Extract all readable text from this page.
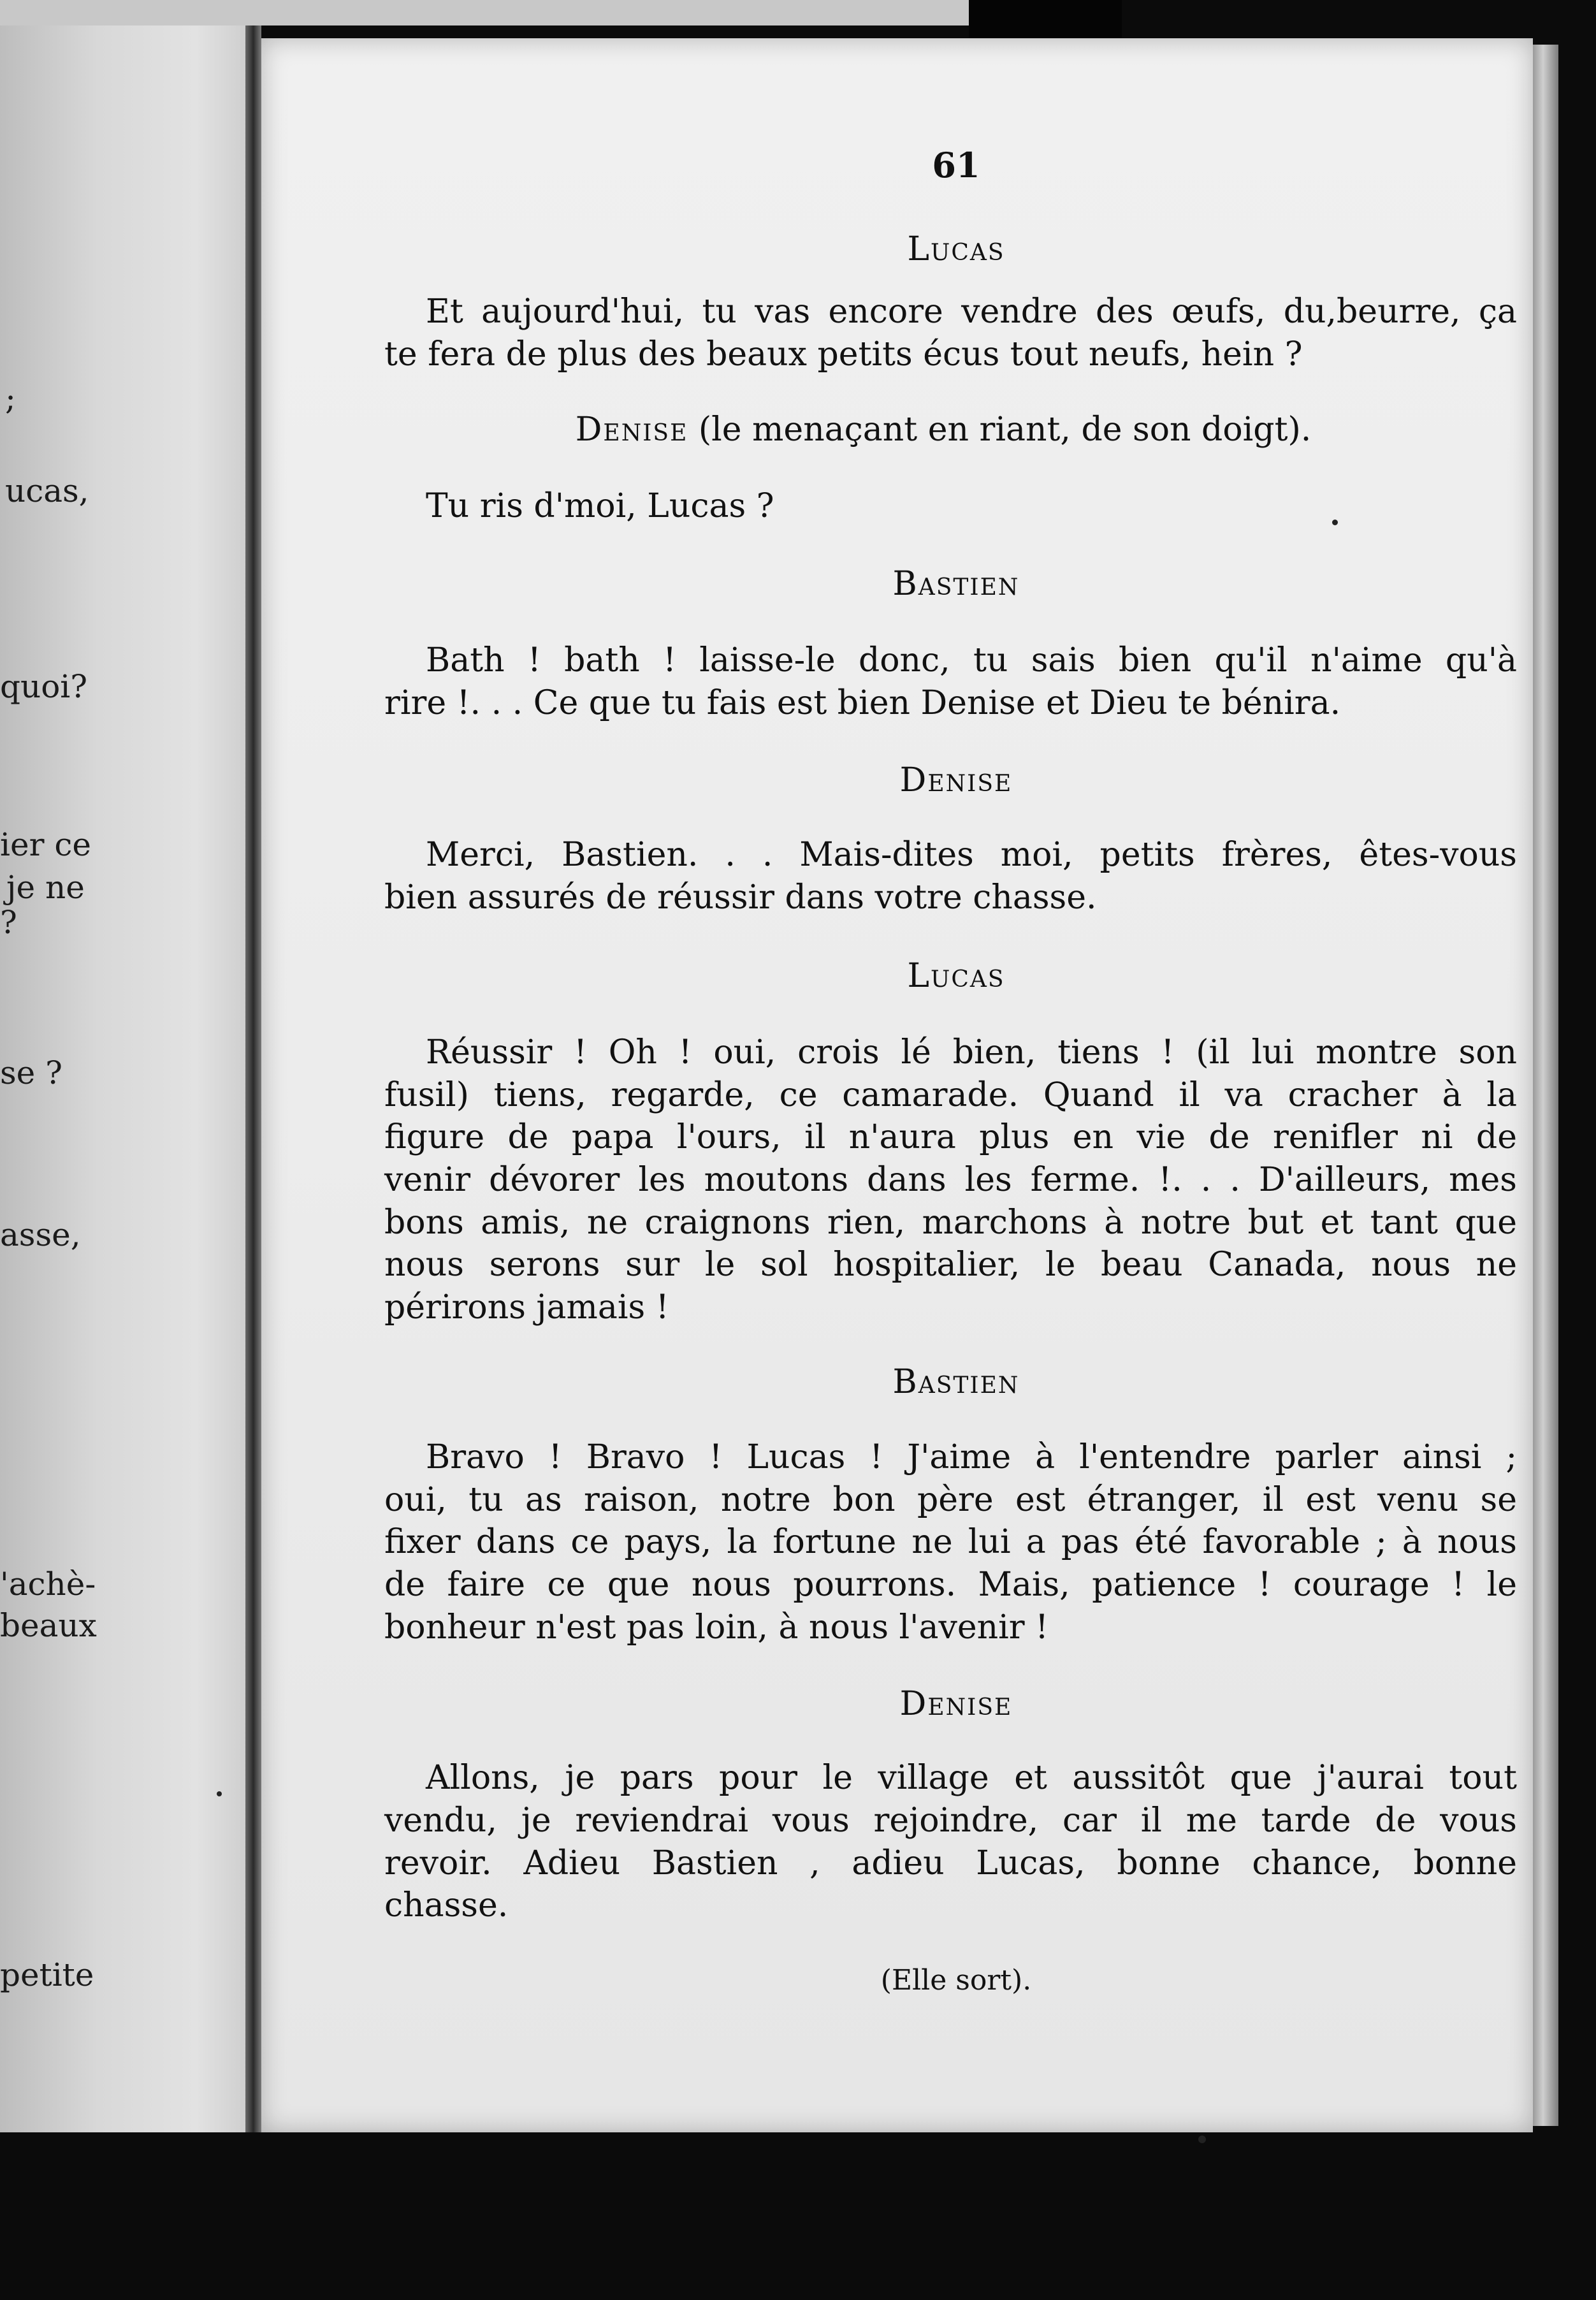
;
ucas,
quoi?
ier ce
je ne
?
se ?
asse,
'achè-
beaux
petite
61
Lucas
Et aujourd'hui, tu vas encore vendre des œufs, du,beurre, ça
te fera de plus des beaux petits écus tout neufs, hein ?
Denise (le menaçant en riant, de son doigt).
Tu ris d'moi, Lucas ?
Bastien
Bath ! bath ! laisse-le donc, tu sais bien qu'il n'aime qu'à
rire !. . . Ce que tu fais est bien Denise et Dieu te bénira.
Denise
Merci, Bastien. . . Mais-dites moi, petits frères, êtes-vous
bien assurés de réussir dans votre chasse.
Lucas
Réussir ! Oh ! oui, crois lé bien, tiens ! (il lui montre son
fusil) tiens, regarde, ce camarade. Quand il va cracher à la
figure de papa l'ours, il n'aura plus en vie de renifler ni de
venir dévorer les moutons dans les ferme. !. . . D'ailleurs, mes
bons amis, ne craignons rien, marchons à notre but et tant que
nous serons sur le sol hospitalier, le beau Canada, nous ne
périrons jamais !
Bastien
Bravo ! Bravo ! Lucas ! J'aime à l'entendre parler ainsi ;
oui, tu as raison, notre bon père est étranger, il est venu se
fixer dans ce pays, la fortune ne lui a pas été favorable ; à nous
de faire ce que nous pourrons. Mais, patience ! courage ! le
bonheur n'est pas loin, à nous l'avenir !
Denise
Allons, je pars pour le village et aussitôt que j'aurai tout
vendu, je reviendrai vous rejoindre, car il me tarde de vous
revoir. Adieu Bastien , adieu Lucas, bonne chance, bonne
chasse.
(Elle sort).
